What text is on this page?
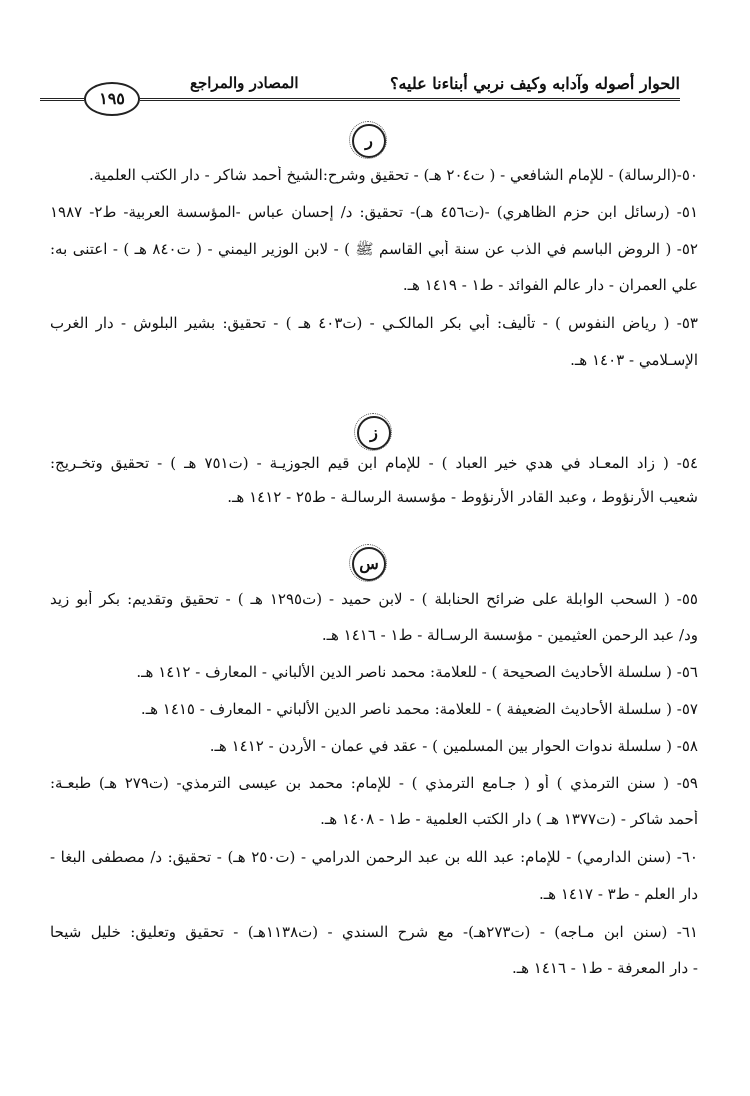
الحوار أصوله وآدابه وكيف نربي أبناءنا عليه؟
المصادر والمراجع
١٩٥
ر
٥٠-(الرسالة) - للإمام الشافعي - ( ت٢٠٤ هـ) - تحقيق وشرح:الشيخ أحمد شاكر - دار الكتب العلمية.
٥١- (رسائل ابن حزم الظاهري) -(ت٤٥٦ هـ)- تحقيق: د/ إحسان عباس -المؤسسة العربية- ط٢- ١٩٨٧
٥٢- ( الروض الباسم في الذب عن سنة أبي القاسم ﷺ ) - لابن الوزير اليمني - ( ت٨٤٠ هـ ) - اعتنى به:
علي العمران - دار عالم الفوائد - ط١ - ١٤١٩ هـ.
٥٣- ( رياض النفوس ) - تأليف: أبي بكر المالكـي - (ت٤٠٣ هـ ) - تحقيق: بشير البلوش - دار الغرب
الإسـلامي - ١٤٠٣ هـ.
ز
٥٤- ( زاد المعـاد في هدي خير العباد ) - للإمام ابن قيم الجوزيـة - (ت٧٥١ هـ ) - تحقيق وتخـريج:
شعيب الأرنؤوط ، وعبد القادر الأرنؤوط - مؤسسة الرسالـة - ط٢٥ - ١٤١٢ هـ.
س
٥٥- ( السحب الوابلة على ضرائح الحنابلة ) - لابن حميد - (ت١٢٩٥ هـ ) - تحقيق وتقديم: بكر أبو زيد
ود/ عبد الرحمن العثيمين - مؤسسة الرسـالة - ط١ - ١٤١٦ هـ.
٥٦- ( سلسلة الأحاديث الصحيحة ) - للعلامة: محمد ناصر الدين الألباني - المعارف - ١٤١٢ هـ.
٥٧- ( سلسلة الأحاديث الضعيفة ) - للعلامة: محمد ناصر الدين الألباني - المعارف - ١٤١٥ هـ.
٥٨- ( سلسلة ندوات الحوار بين المسلمين ) - عقد في عمان - الأردن - ١٤١٢ هـ.
٥٩- ( سنن الترمذي ) أو ( جـامع الترمذي ) - للإمام: محمد بن عيسى الترمذي- (ت٢٧٩ هـ) طبعـة:
أحمد شاكر - (ت١٣٧٧ هـ ) دار الكتب العلمية - ط١ - ١٤٠٨ هـ.
٦٠- (سنن الدارمي) - للإمام: عبد الله بن عبد الرحمن الدرامي - (ت٢٥٠ هـ) - تحقيق: د/ مصطفى البغا -
دار العلم - ط٣ - ١٤١٧ هـ.
٦١- (سنن ابن مـاجه) - (ت٢٧٣هـ)- مع شرح السندي - (ت١١٣٨هـ) - تحقيق وتعليق: خليل شيحا
- دار المعرفة - ط١ - ١٤١٦ هـ.
